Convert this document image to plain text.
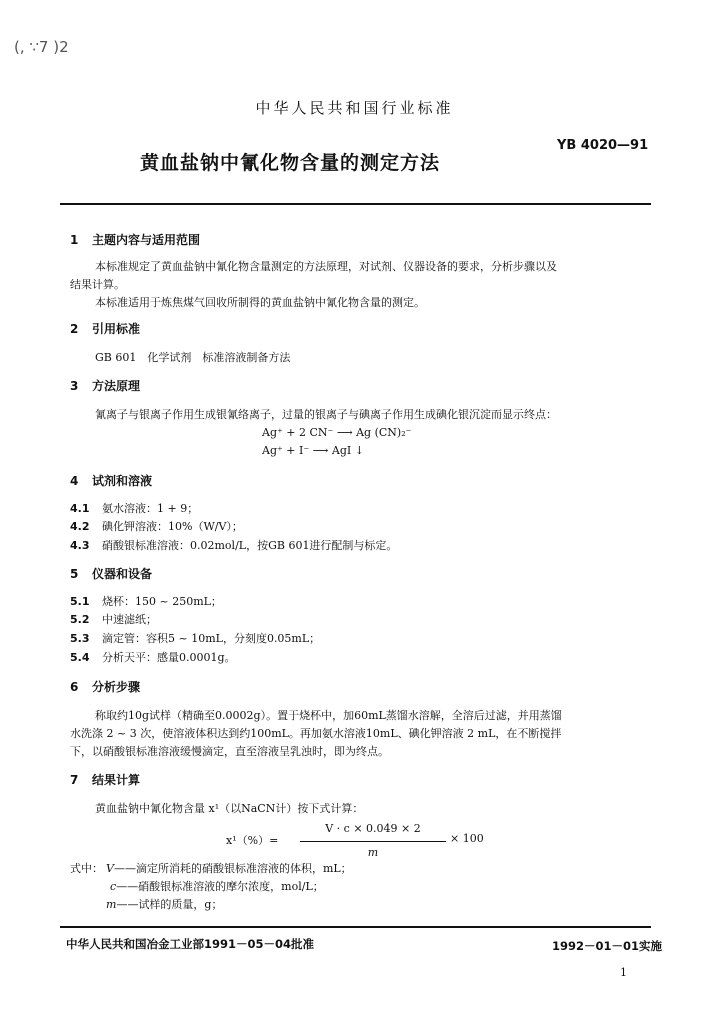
(, ∵7 )2
中华人民共和国行业标准
YB 4020—91
黄血盐钠中氰化物含量的测定方法
1 主题内容与适用范围
本标准规定了黄血盐钠中氰化物含量测定的方法原理，对试剂、仪器设备的要求，分析步骤以及
结果计算。
本标准适用于炼焦煤气回收所制得的黄血盐钠中氰化物含量的测定。
2 引用标准
GB 601　化学试剂　标准溶液制备方法
3 方法原理
氰离子与银离子作用生成银氰络离子，过量的银离子与碘离子作用生成碘化银沉淀而显示终点：
Ag⁺ + 2 CN⁻ ⟶ Ag (CN)₂⁻
Ag⁺ + I⁻ ⟶ AgI ↓
4 试剂和溶液
4.1 氨水溶液：1 + 9；
4.2 碘化钾溶液：10%（W/V）；
4.3 硝酸银标准溶液：0.02mol/L，按GB 601进行配制与标定。
5 仪器和设备
5.1 烧杯：150 ~ 250mL；
5.2 中速滤纸；
5.3 滴定管：容积5 ~ 10mL，分刻度0.05mL；
5.4 分析天平：感量0.0001g。
6 分析步骤
称取约10g试样（精确至0.0002g）。置于烧杯中，加60mL蒸馏水溶解，全溶后过滤，并用蒸馏
水洗涤 2 ~ 3 次，使溶液体积达到约100mL。再加氨水溶液10mL、碘化钾溶液 2 mL，在不断搅拌
下，以硝酸银标准溶液缓慢滴定，直至溶液呈乳浊时，即为终点。
7 结果计算
黄血盐钠中氰化物含量 x¹（以NaCN计）按下式计算：
x¹（%）=
V · c × 0.049 × 2
m
× 100
式中： V——滴定所消耗的硝酸银标准溶液的体积，mL；
c——硝酸银标准溶液的摩尔浓度，mol/L；
m——试样的质量，g；
中华人民共和国冶金工业部1991－05－04批准	1992－01－01实施
1
